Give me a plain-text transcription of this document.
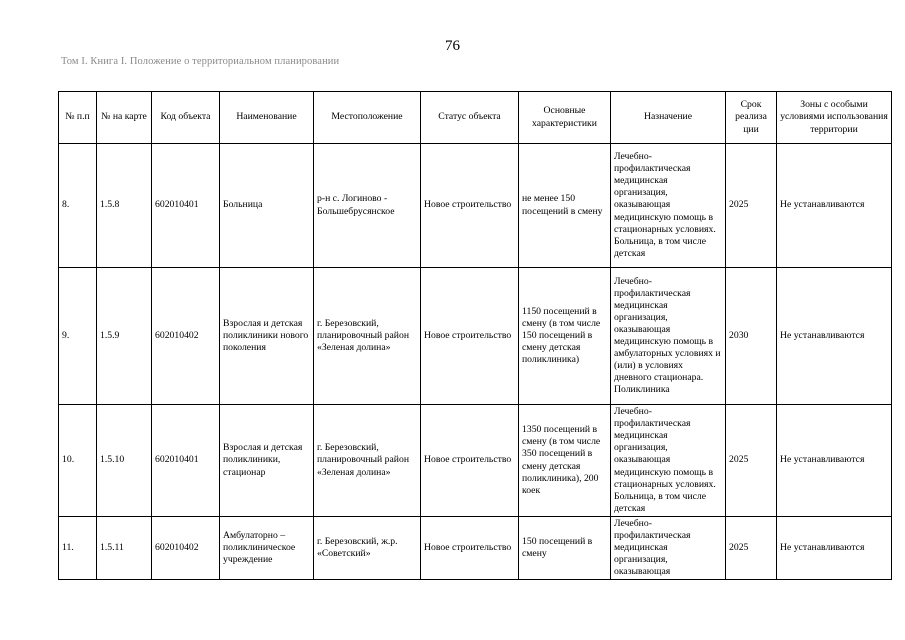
76
Том I. Книга I. Положение о территориальном планировании
№ п.п	№ на карте	Код объекта	Наименование	Местоположение	Статус объекта	Основные характеристики	Назначение	Срок реализа ции	Зоны с особыми условиями использования территории
8.	1.5.8	602010401	Больница	р-н с. Логиново - Большебрусянское	Новое строительство	не менее 150 посещений в смену	Лечебно-профилактическая медицинская организация, оказывающая медицинскую помощь в стационарных условиях. Больница, в том числе детская	2025	Не устанавливаются
9.	1.5.9	602010402	Взрослая и детская поликлиники нового поколения	г. Березовский, планировочный район «Зеленая долина»	Новое строительство	1150 посещений в смену (в том числе 150 посещений в смену детская поликлиника)	Лечебно-профилактическая медицинская организация, оказывающая медицинскую помощь в амбулаторных условиях и (или) в условиях дневного стационара. Поликлиника	2030	Не устанавливаются
10.	1.5.10	602010401	Взрослая и детская поликлиники, стационар	г. Березовский, планировочный район «Зеленая долина»	Новое строительство	1350 посещений в смену (в том числе 350 посещений в смену детская поликлиника), 200 коек	Лечебно-профилактическая медицинская организация, оказывающая медицинскую помощь в стационарных условиях. Больница, в том числе детская	2025	Не устанавливаются
11.	1.5.11	602010402	Амбулаторно – поликлиническое учреждение	г. Березовский, ж.р. «Советский»	Новое строительство	150 посещений в смену	Лечебно-профилактическая медицинская организация, оказывающая	2025	Не устанавливаются
